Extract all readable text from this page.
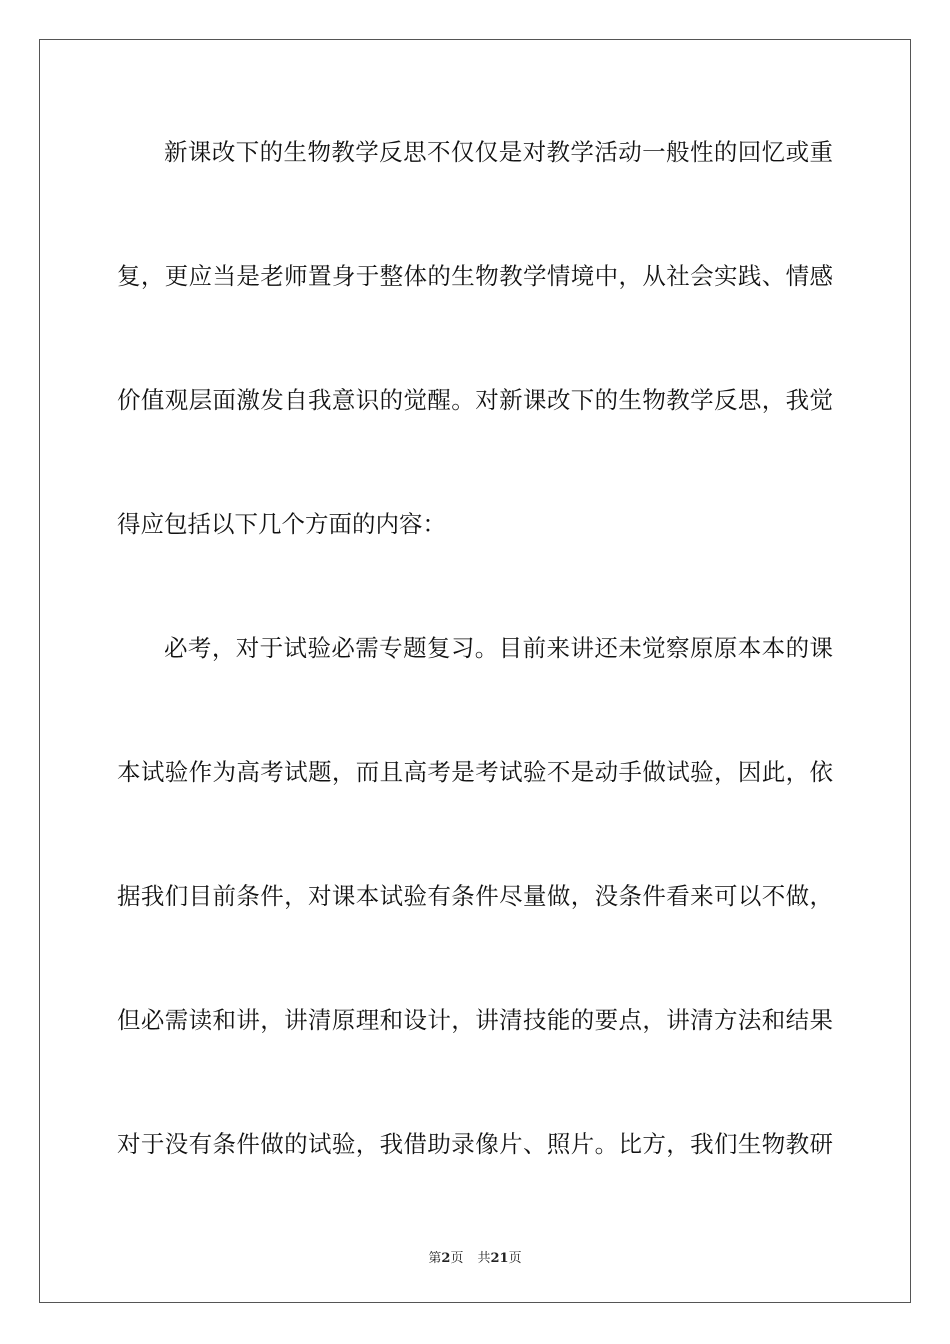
新课改下的生物教学反思不仅仅是对教学活动一般性的回忆或重
复，更应当是老师置身于整体的生物教学情境中，从社会实践、情感
价值观层面激发自我意识的觉醒。对新课改下的生物教学反思，我觉
得应包括以下几个方面的内容：
必考，对于试验必需专题复习。目前来讲还未觉察原原本本的课
本试验作为高考试题，而且高考是考试验不是动手做试验，因此，依
据我们目前条件，对课本试验有条件尽量做，没条件看来可以不做，
但必需读和讲，讲清原理和设计，讲清技能的要点，讲清方法和结果
对于没有条件做的试验，我借助录像片、照片。比方，我们生物教研
第2页 共21页
